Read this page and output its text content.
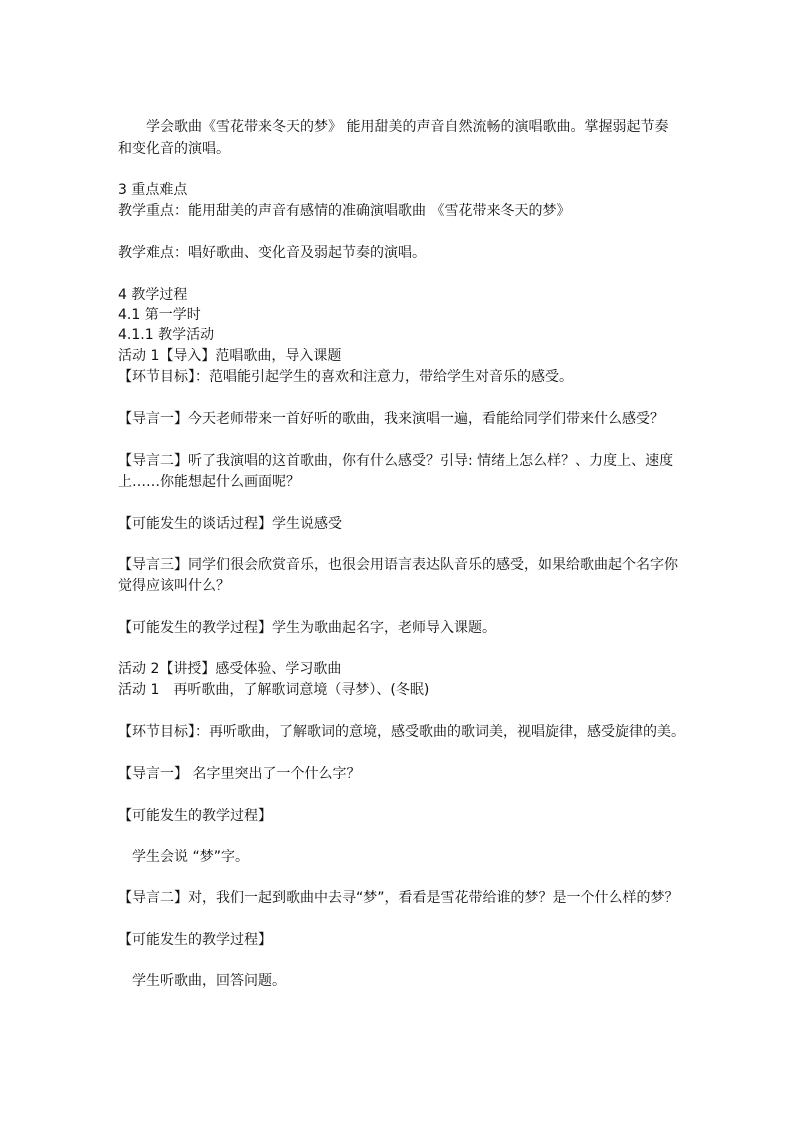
学会歌曲《雪花带来冬天的梦》 能用甜美的声音自然流畅的演唱歌曲。掌握弱起节奏
和变化音的演唱。
3 重点难点
教学重点：能用甜美的声音有感情的准确演唱歌曲 《雪花带来冬天的梦》
教学难点：唱好歌曲、变化音及弱起节奏的演唱。
4 教学过程
4.1 第一学时
4.1.1 教学活动
活动 1【导入】范唱歌曲，导入课题
【环节目标】：范唱能引起学生的喜欢和注意力，带给学生对音乐的感受。
【导言一】今天老师带来一首好听的歌曲，我来演唱一遍，看能给同学们带来什么感受？
【导言二】听了我演唱的这首歌曲，你有什么感受？引导: 情绪上怎么样？、力度上、速度
上……你能想起什么画面呢？
【可能发生的谈话过程】学生说感受
【导言三】同学们很会欣赏音乐，也很会用语言表达队音乐的感受，如果给歌曲起个名字你
觉得应该叫什么？
【可能发生的教学过程】学生为歌曲起名字，老师导入课题。
活动 2【讲授】感受体验、学习歌曲
活动 1　再听歌曲，了解歌词意境（寻梦）、(冬眠)
【环节目标】：再听歌曲，了解歌词的意境，感受歌曲的歌词美，视唱旋律，感受旋律的美。
【导言一】 名字里突出了一个什么字？
【可能发生的教学过程】
学生会说 “梦”字。
【导言二】对，我们一起到歌曲中去寻“梦”，看看是雪花带给谁的梦？是一个什么样的梦？
【可能发生的教学过程】
学生听歌曲，回答问题。
